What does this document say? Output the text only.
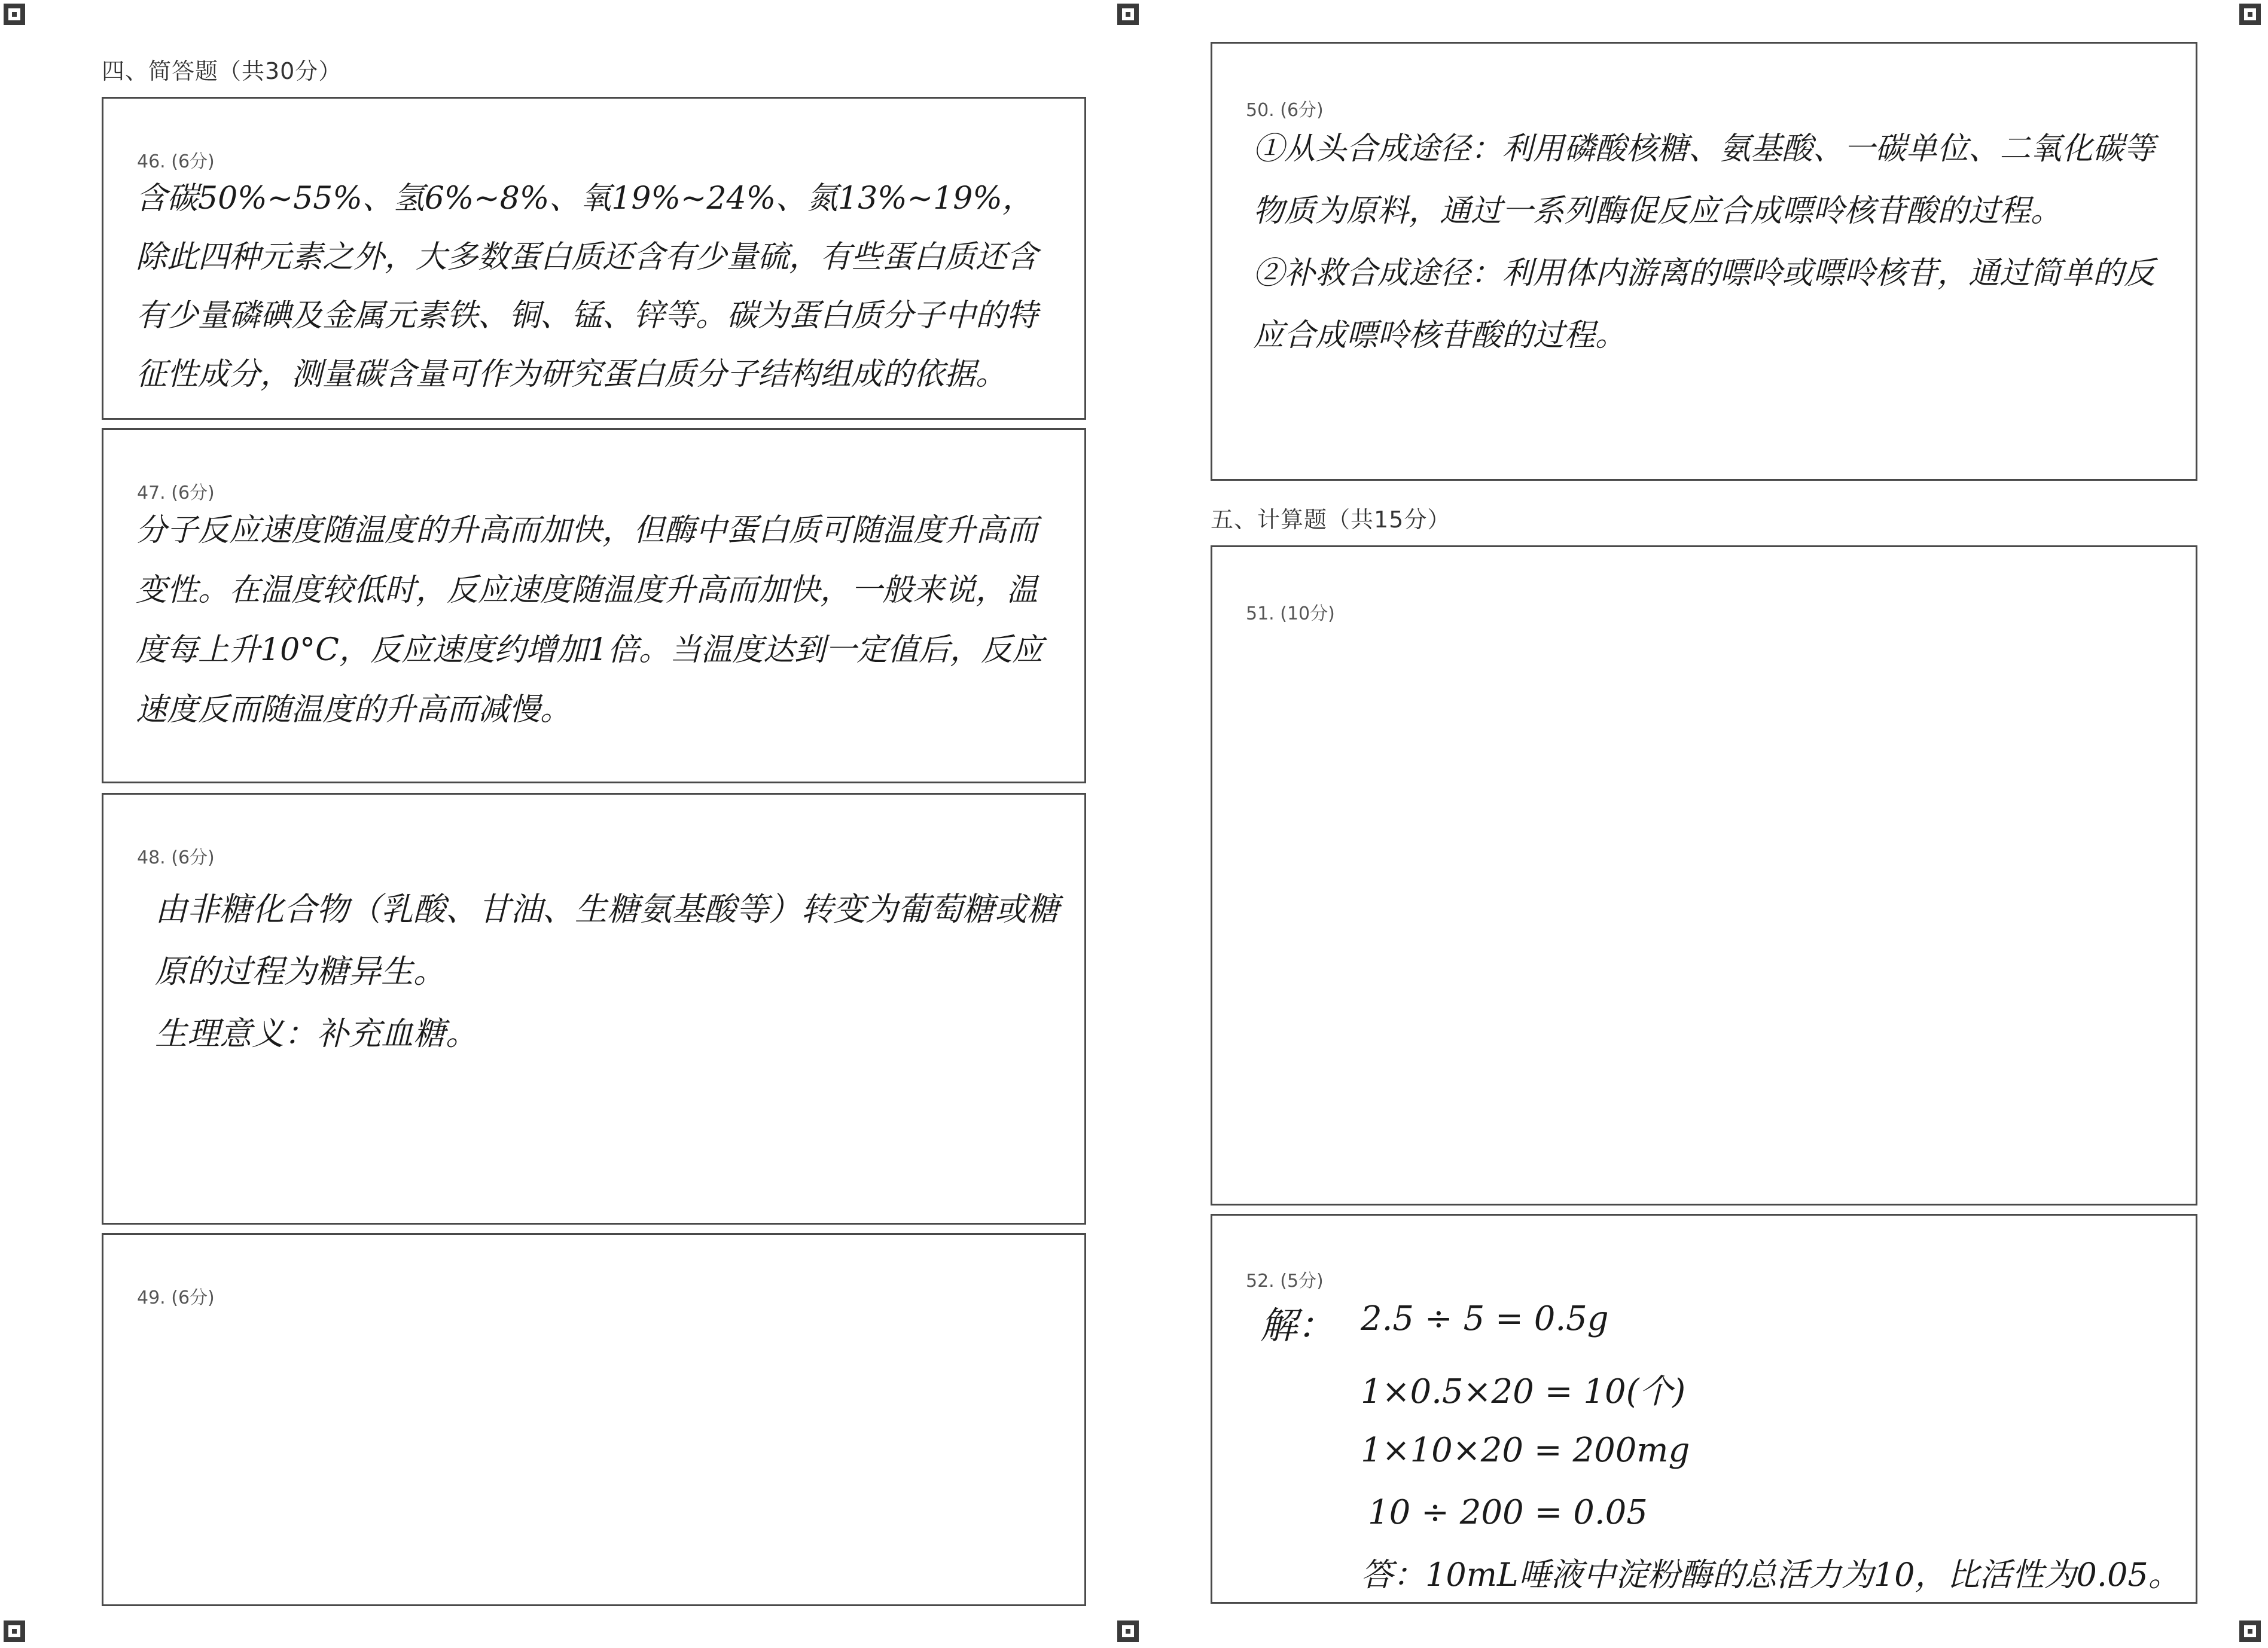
四、简答题（共30分）
46. (6分)
含碳50%~55%、氢6%~8%、氧19%~24%、氮13%~19%，除此四种元素之外，大多数蛋白质还含有少量硫，有些蛋白质还含有少量磷碘及金属元素铁、铜、锰、锌等。碳为蛋白质分子中的特征性成分，测量碳含量可作为研究蛋白质分子结构组成的依据。
47. (6分)
分子反应速度随温度的升高而加快，但酶中蛋白质可随温度升高而变性。在温度较低时，反应速度随温度升高而加快，一般来说，温度每上升10°C，反应速度约增加1倍。当温度达到一定值后，反应速度反而随温度的升高而减慢。
48. (6分)
由非糖化合物（乳酸、甘油、生糖氨基酸等）转变为葡萄糖或糖原的过程为糖异生。
生理意义：补充血糖。
49. (6分)
50. (6分)
①从头合成途径：利用磷酸核糖、氨基酸、一碳单位、二氧化碳等物质为原料，通过一系列酶促反应合成嘌呤核苷酸的过程。
②补救合成途径：利用体内游离的嘌呤或嘌呤核苷，通过简单的反应合成嘌呤核苷酸的过程。
五、计算题（共15分）
51. (10分)
52. (5分)
解： 2.5 ÷ 5 = 0.5g
1×0.5×20 = 10(个)
1×10×20 = 200mg
10 ÷ 200 = 0.05
答：10mL唾液中淀粉酶的总活力为10，比活性为0.05。
